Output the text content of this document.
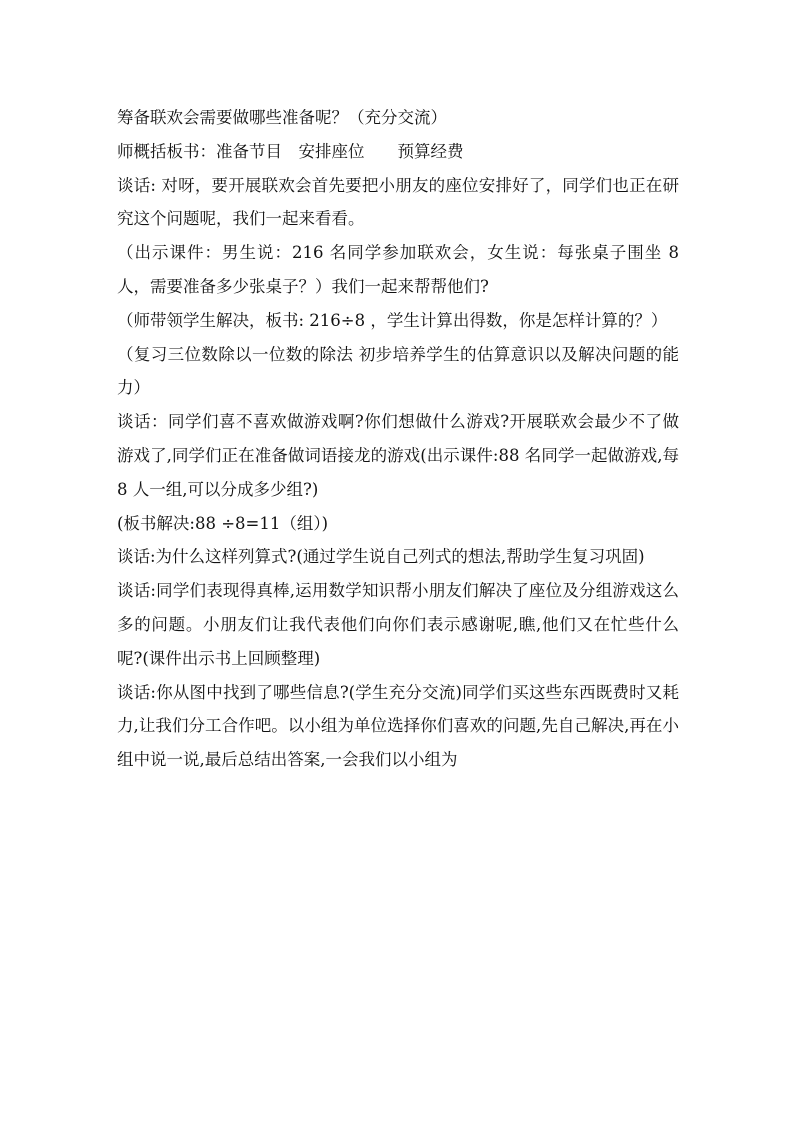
筹备联欢会需要做哪些准备呢？（充分交流）

师概括板书：准备节目　安排座位　　预算经费

谈话: 对呀，要开展联欢会首先要把小朋友的座位安排好了，同学们也正在研究这个问题呢，我们一起来看看。

（出示课件：男生说：216 名同学参加联欢会，女生说：每张桌子围坐 8 人，需要准备多少张桌子？）我们一起来帮帮他们?

（师带领学生解决，板书: 216÷8 ，学生计算出得数，你是怎样计算的？）

（复习三位数除以一位数的除法 初步培养学生的估算意识以及解决问题的能力）

谈话：同学们喜不喜欢做游戏啊?你们想做什么游戏?开展联欢会最少不了做游戏了,同学们正在准备做词语接龙的游戏(出示课件:88 名同学一起做游戏,每 8 人一组,可以分成多少组?)

(板书解决:88 ÷8=11（组）)

谈话:为什么这样列算式?(通过学生说自己列式的想法,帮助学生复习巩固)

谈话:同学们表现得真棒,运用数学知识帮小朋友们解决了座位及分组游戏这么多的问题。小朋友们让我代表他们向你们表示感谢呢,瞧,他们又在忙些什么呢?(课件出示书上回顾整理)

谈话:你从图中找到了哪些信息?(学生充分交流)同学们买这些东西既费时又耗力,让我们分工合作吧。以小组为单位选择你们喜欢的问题,先自己解决,再在小组中说一说,最后总结出答案,一会我们以小组为
